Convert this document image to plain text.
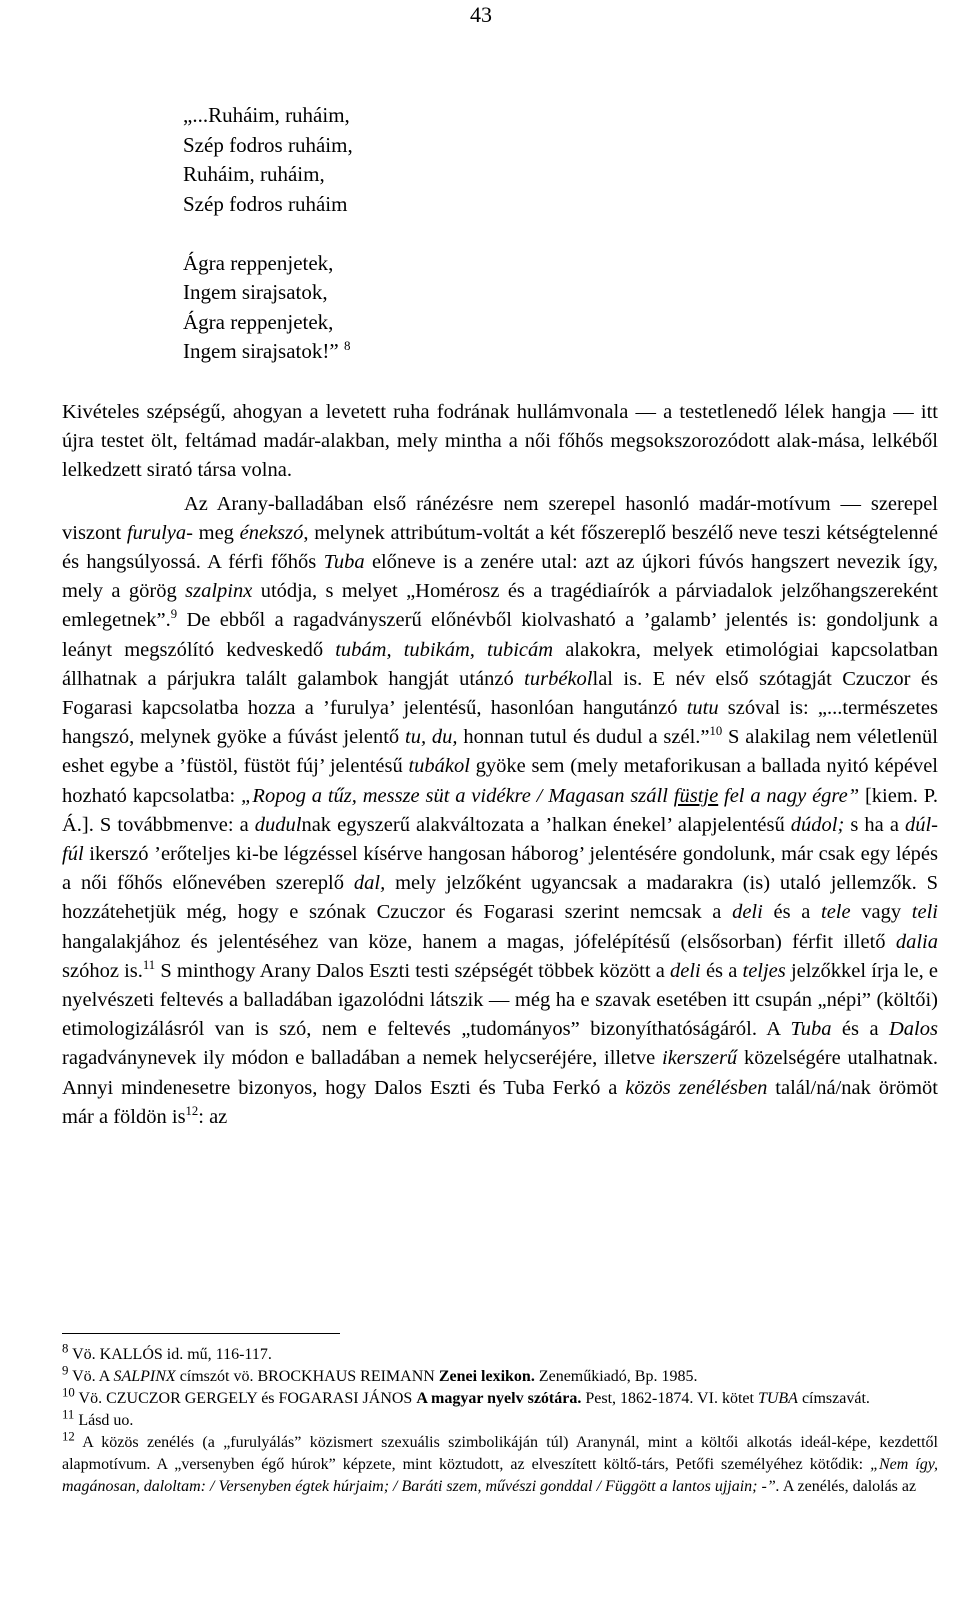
43
„...Ruháim, ruháim,
Szép fodros ruháim,
Ruháim, ruháim,
Szép fodros ruháim
Ágra reppenjetek,
Ingem sirajsatok,
Ágra reppenjetek,
Ingem sirajsatok!” $^8$

Kivételes szépségű, ahogyan a levetett ruha fodrának hullámvonala — a testetlenedő lélek hangja — itt újra testet ölt, feltámad madár-alakban, mely mintha a női főhős megsokszorozódott alak-mása, lelkéből lelkedzett sirató társa volna.

Az Arany-balladában első ránézésre nem szerepel hasonló madár-motívum — szerepel viszont furulya- meg énekszó, melynek attribútum-voltát a két főszereplő beszélő neve teszi kétségtelenné és hangsúlyossá. A férfi főhős Tuba előneve is a zenére utal: azt az újkori fúvós hangszert nevezik így, mely a görög szalpinx utódja, s melyet „Homérosz és a tragédiaírók a párviadalok jelzőhangszereként emlegetnek”.$^9$ De ebből a ragadványszerű előnévből kiolvasható a ’galamb’ jelentés is: gondoljunk a leányt megszólító kedveskedő tubám, tubikám, tubicám alakokra, melyek etimológiai kapcsolatban állhatnak a párjukra talált galambok hangját utánzó turbékollal is. E név első szótagját Czuczor és Fogarasi kapcsolatba hozza a ’furulya’ jelentésű, hasonlóan hangutánzó tutu szóval is: „...természetes hangszó, melynek gyöke a fúvást jelentő tu, du, honnan tutul és dudul a szél.”$^{10}$ S alakilag nem véletlenül eshet egybe a ’füstöl, füstöt fúj’ jelentésű tubákol gyöke sem (mely metaforikusan a ballada nyitó képével hozható kapcsolatba: „Ropog a tűz, messze süt a vidékre / Magasan száll füstje fel a nagy égre” [kiem. P. Á.]. S továbbmenve: a dudulnak egyszerű alakváltozata a ’halkan énekel’ alapjelentésű dúdol; s ha a dúl-fúl ikerszó ’erőteljes ki-be légzéssel kísérve hangosan háborog’ jelentésére gondolunk, már csak egy lépés a női főhős előnevében szereplő dal, mely jelzőként ugyancsak a madarakra (is) utaló jellemzők. S hozzátehetjük még, hogy e szónak Czuczor és Fogarasi szerint nemcsak a deli és a tele vagy teli hangalakjához és jelentéséhez van köze, hanem a magas, jófelépítésű (elsősorban) férfit illető dalia szóhoz is.$^{11}$ S minthogy Arany Dalos Eszti testi szépségét többek között a deli és a teljes jelzőkkel írja le, e nyelvészeti feltevés a balladában igazolódni látszik — még ha e szavak esetében itt csupán „népi” (költői) etimologizálásról van is szó, nem e feltevés „tudományos” bizonyíthatóságáról. A Tuba és a Dalos ragadványnevek ily módon e balladában a nemek helycseréjére, illetve ikerszerű közelségére utalhatnak. Annyi mindenesetre bizonyos, hogy Dalos Eszti és Tuba Ferkó a közös zenélésben talál/ná/nak örömöt már a földön $is^{12}$: az

$^8$ Vö. KALLÓS id. mű, 116-117.

$^9$ Vö. A SALPINX címszót vö. BROCKHAUS REIMANN Zenei lexikon. Zeneműkiadó, Bp. 1985.

$^{10}$ Vö. CZUCZOR GERGELY és FOGARASI JÁNOS A magyar nyelv szótára. Pest, 1862-1874. VI. kötet TUBA címszavát.

$^{11}$ Lásd uo.

$^{12}$ A közös zenélés (a „furulyálás” közismert szexuális szimbolikáján túl) Aranynál, mint a költői alkotás ideál-képe, kezdettől alapmotívum. A „versenyben égő húrok” képzete, mint köztudott, az elveszített költő-társ, Petőfi személyéhez kötődik: „Nem így, magánosan, daloltam: / Versenyben égtek húrjaim; / Baráti szem, művészi gonddal / Függött a lantos ujjain; -”. A zenélés, dalolás az
